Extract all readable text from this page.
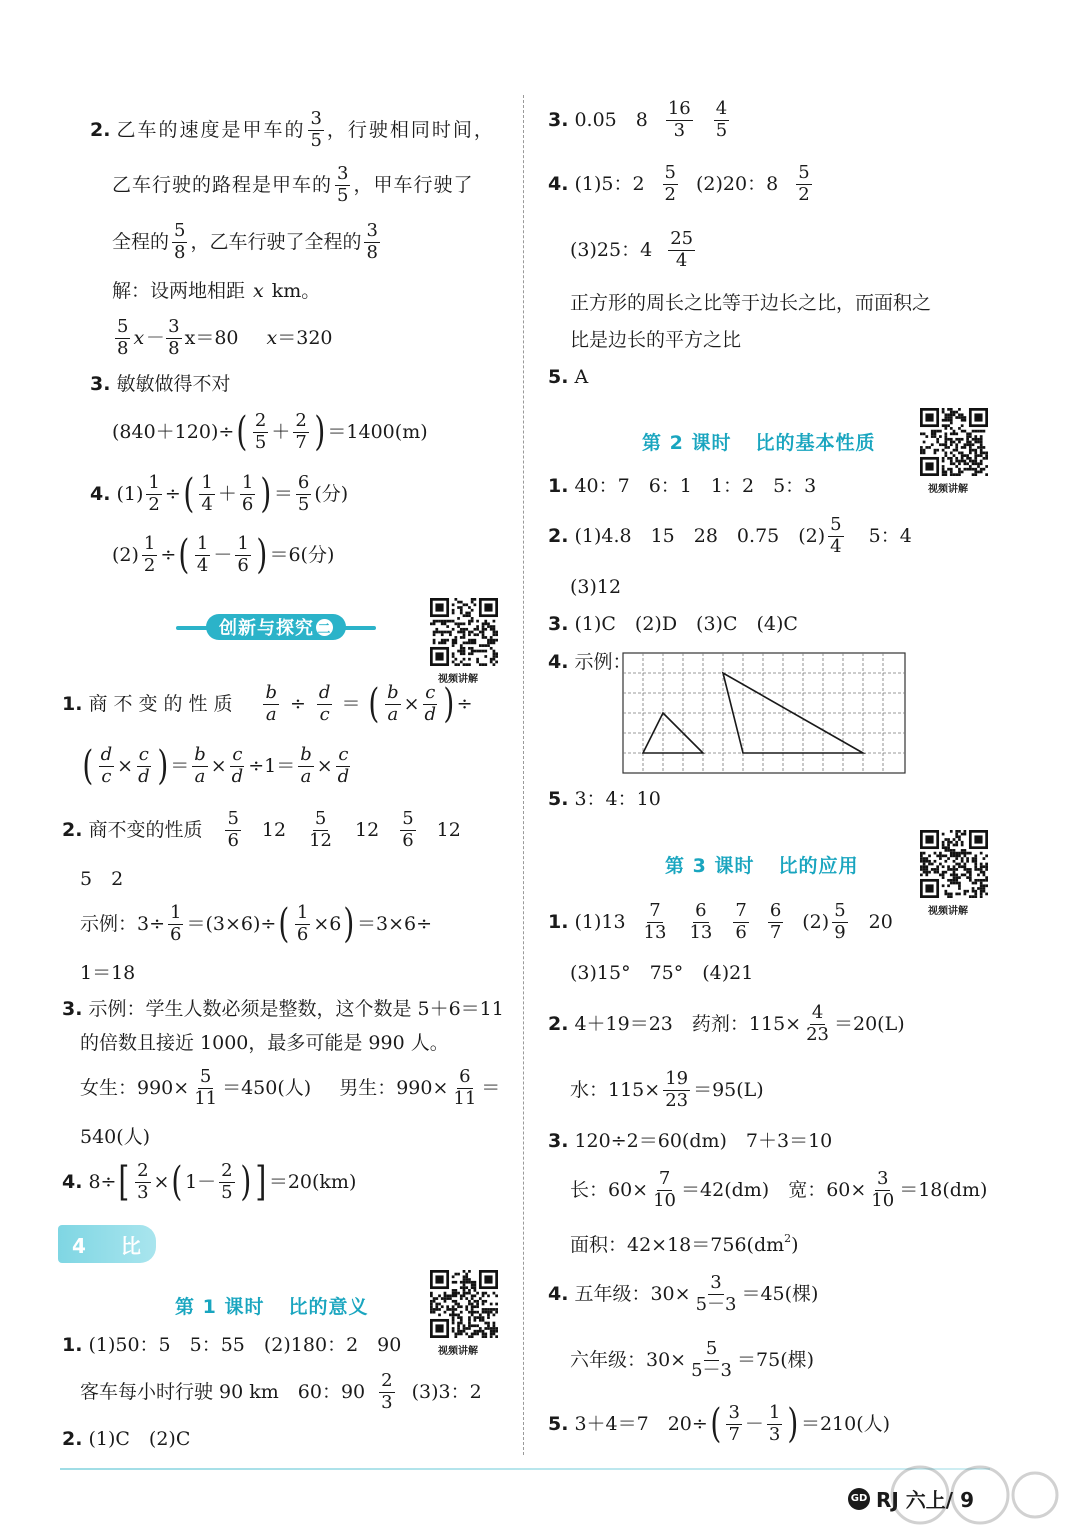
2. 乙车的速度是甲车的 $\frac{3}{5}$ ，行驶相同时间，
乙车行驶的路程是甲车的 $\frac{3}{5}$ ，甲车行驶了
全程的 $\frac{5}{8}$ ，乙车行驶了全程的 $\frac{3}{8}$
解：设两地相距 x km。
$\frac{5}{8} x- \frac{3}{8} x=80$ x ＝320
3. 敏敏做得不对
(840＋120)÷ ( $\frac{2}{5} + \frac{2}{7}$ ) ＝1400(m)
4. $(1) \frac{1}{2}$ ÷ ( $\frac{1}{4} + \frac{1}{6}$ ) ＝ $\frac{6}{5}$ (分)
$(2) \frac{1}{2}$ ÷ ( $\frac{1}{4} - \frac{1}{6}$ ) ＝6(分)
创新与探究 二
视频讲解
1. 商不变的性质 $\frac{b}{a} \div \frac{d}{c}$ ＝ ( $\frac{b}{a} \times \frac{c}{d}$ ) ÷
( $\frac{d}{c} \times \frac{c}{d}$ ) ＝ $\frac{b}{a} \times \frac{c}{d} \div 1= \frac{b}{a} \times \frac{c}{d}$
2. 商不变的性质 $\frac{5}{6} 12 \frac{5}{12} 12 \frac{5}{6} 12$
5　2
示例：$3\div \frac{1}{6} =(3\times 6)\div$ ( $\frac{1}{6} \times 6$ ) ＝3×6÷
1＝18
3. 示例：学生人数必须是整数，这个数是 5＋6＝11
的倍数且接近 1000，最多可能是 990 人。
女生：$990\times \frac{5}{11} =450$(人) 男生：$990\times \frac{6}{11}$ ＝
540(人)
4. 8÷ [ $\frac{2}{3}$ × ( $1- \frac{2}{5}$ ) ] ＝20(km)
4 比
第 1 课时 比的意义
视频讲解
1. (1)50：5　5：55　(2)180：2　90
客车每小时行驶 90 km　60：$90 \frac{2}{3} (3)3$：2
2. (1)C　(2)C
3. 0.05　$8 \frac{16}{3} \frac{4}{5}$
4. (1)5：$2 \frac{5}{2} (2)20$：$8 \frac{5}{2}$
(3)25：$4 \frac{25}{4}$
正方形的周长之比等于边长之比，而面积之
比是边长的平方之比
5. A
第 2 课时 比的基本性质
视频讲解
1. 40：7　6：1　1：2　5：3
2. (1)4.8　15　28　0.75　$(2) \frac{5}{4} 5$：4
(3)12
3. (1)C　(2)D　(3)C　(4)C
4. 示例：
5. 3：4：10
第 3 课时 比的应用
视频讲解
1. $(1)13 \frac{7}{13} \frac{6}{13} \frac{7}{6} \frac{6}{7} (2) \frac{5}{9} 20$
(3)15°　75°　(4)21
2. 4＋19＝23　药剂：$115\times \frac{4}{23} =20(L)$
水：$115\times \frac{19}{23} =95(L)$
3. 120÷2＝60(dm)　7＋3＝10
长：$60\times \frac{7}{10} =42(dm)$　宽：$60\times \frac{3}{10} =18(dm)$
面积：42×18＝756(dm 2 )
4. 五年级：$30\times \frac{3}{5-3} =45$(棵)
六年级：$30\times \frac{5}{5-3} =75$(棵)
5. 3＋4＝7　20÷ ( $\frac{3}{7} - \frac{1}{3}$ ) ＝210(人)
GD RJ 六上/ 9
